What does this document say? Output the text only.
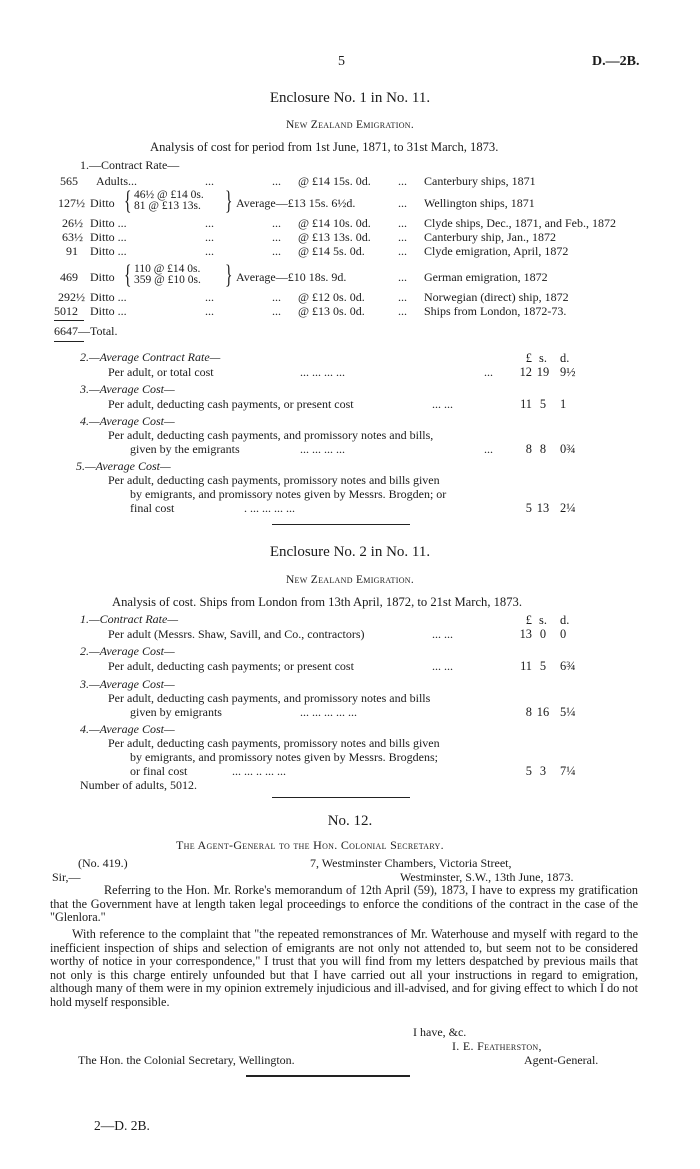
5	D.—2B.
Enclosure No. 1 in No. 11.
New Zealand Emigration.
Analysis of cost for period from 1st June, 1871, to 31st March, 1873.
1.—Contract Rate—
565 Adults...	...	... @ £14 15s. 0d. ... Canterbury ships, 1871
127½ Ditto { 46½ @ £14 0s.
81 @ £13 13s. } Average—£13 15s. 6½d.	... Wellington ships, 1871
26½ Ditto ...	...	... @ £14 10s. 0d. ... Clyde ships, Dec., 1871, and Feb., 1872
63½ Ditto ...	...	... @ £13 13s. 0d. ... Canterbury ship, Jan., 1872
91 Ditto ...	...	... @ £14 5s. 0d.	... Clyde emigration, April, 1872
469 Ditto { 110 @ £14 0s.
359 @ £10 0s. } Average—£10 18s. 9d.	... German emigration, 1872
292½ Ditto ...	...	... @ £12 0s. 0d.	... Norwegian (direct) ship, 1872
5012 Ditto ...	...	... @ £13 0s. 0d.	... Ships from London, 1872-73.
6647—Total.
£ s. d.
2.—Average Contract Rate—
Per adult, or total cost	... ... ... ...	...	12 19 9½
3.—Average Cost—
Per adult, deducting cash payments, or present cost	... ...	11 5 1
4.—Average Cost—
Per adult, deducting cash payments, and promissory notes and bills,
given by the emigrants	... ... ... ...	...	8 8 0¾
5.—Average Cost—
Per adult, deducting cash payments, promissory notes and bills given
by emigrants, and promissory notes given by Messrs. Brogden; or
final cost	. ... ... ... ...	5 13 2¼
Enclosure No. 2 in No. 11.
New Zealand Emigration.
Analysis of cost. Ships from London from 13th April, 1872, to 21st March, 1873.
£ s. d.
1.—Contract Rate—
Per adult (Messrs. Shaw, Savill, and Co., contractors)	... ...	13 0 0
2.—Average Cost—
Per adult, deducting cash payments; or present cost	... ...	11 5 6¾
3.—Average Cost—
Per adult, deducting cash payments, and promissory notes and bills
given by emigrants	... ... ... ... ...	8 16 5¼
4.—Average Cost—
Per adult, deducting cash payments, promissory notes and bills given
by emigrants, and promissory notes given by Messrs. Brogdens;
or final cost	... ... .. ... ...	5 3 7¼
Number of adults, 5012.
No. 12.
The Agent-General to the Hon. Colonial Secretary.
(No. 419.)	7, Westminster Chambers, Victoria Street,
Sir,—	Westminster, S.W., 13th June, 1873.
Referring to the Hon. Mr. Rorke's memorandum of 12th April (59), 1873, I have to express my gratification that the Government have at length taken legal proceedings to enforce the conditions of the contract in the case of the "Glenlora."
With reference to the complaint that "the repeated remonstrances of Mr. Waterhouse and myself with regard to the inefficient inspection of ships and selection of emigrants are not only not attended to, but seem not to be considered worthy of notice in your correspondence," I trust that you will find from my letters despatched by previous mails that not only is this charge entirely unfounded but that I have carried out all your instructions in regard to emigration, although many of them were in my opinion extremely injudicious and ill-advised, and for giving effect to which I do not hold myself responsible.
I have, &c.
I. E. Featherston,
The Hon. the Colonial Secretary, Wellington.	Agent-General.
2—D. 2B.
